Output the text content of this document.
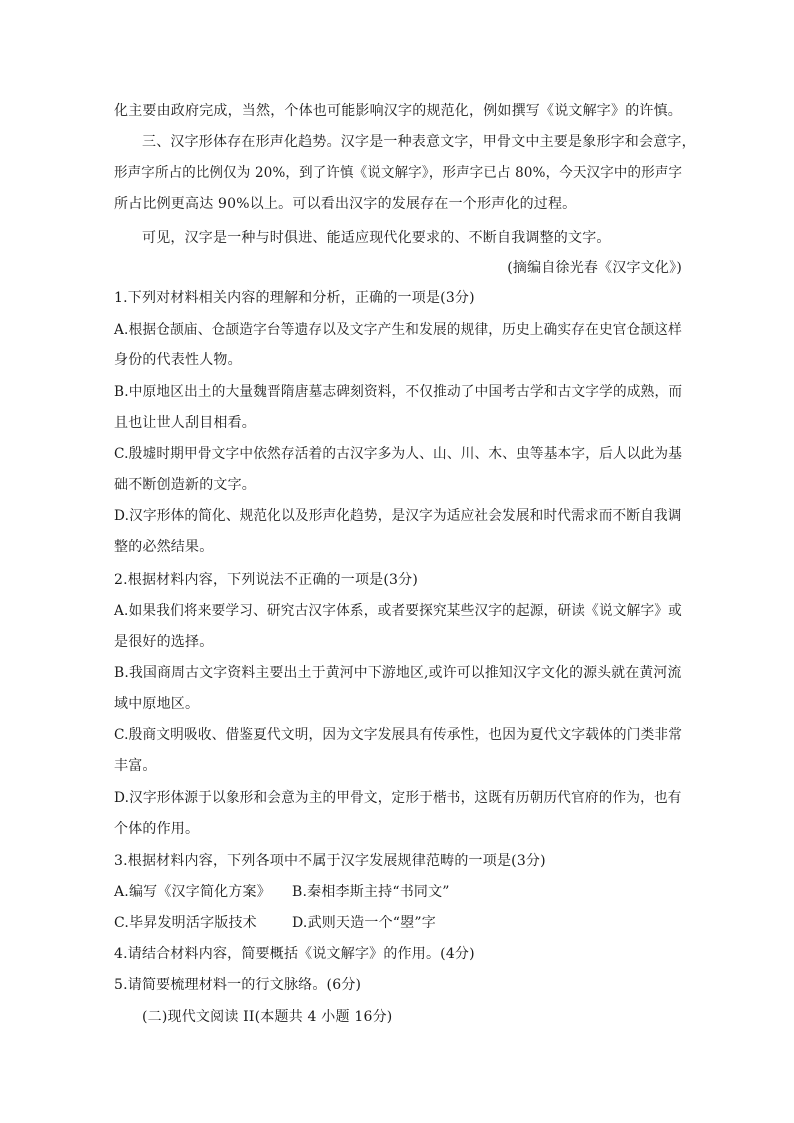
化主要由政府完成，当然，个体也可能影响汉字的规范化，例如撰写《说文解字》的许慎。
三、汉字形体存在形声化趋势。汉字是一种表意文字，甲骨文中主要是象形字和会意字，
形声字所占的比例仅为 20%，到了许慎《说文解字》，形声字已占 80%，今天汉字中的形声字
所占比例更高达 90%以上。可以看出汉字的发展存在一个形声化的过程。
可见，汉字是一种与时俱进、能适应现代化要求的、不断自我调整的文字。
(摘编自徐光春《汉字文化》)
1.下列对材料相关内容的理解和分析，正确的一项是(3分)
A.根据仓颉庙、仓颉造字台等遗存以及文字产生和发展的规律，历史上确实存在史官仓颉这样
身份的代表性人物。
B.中原地区出土的大量魏晋隋唐墓志碑刻资料，不仅推动了中国考古学和古文字学的成熟，而
且也让世人刮目相看。
C.殷墟时期甲骨文字中依然存活着的古汉字多为人、山、川、木、虫等基本字，后人以此为基
础不断创造新的文字。
D.汉字形体的简化、规范化以及形声化趋势，是汉字为适应社会发展和时代需求而不断自我调
整的必然结果。
2.根据材料内容，下列说法不正确的一项是(3分)
A.如果我们将来要学习、研究古汉字体系，或者要探究某些汉字的起源，研读《说文解字》或
是很好的选择。
B.我国商周古文字资料主要出土于黄河中下游地区,或许可以推知汉字文化的源头就在黄河流
域中原地区。
C.殷商文明吸收、借鉴夏代文明，因为文字发展具有传承性，也因为夏代文字载体的门类非常
丰富。
D.汉字形体源于以象形和会意为主的甲骨文，定形于楷书，这既有历朝历代官府的作为，也有
个体的作用。
3.根据材料内容，下列各项中不属于汉字发展规律范畴的一项是(3分)
A.编写《汉字简化方案》 B.秦相李斯主持“书同文”
C.毕昇发明活字版技术	D.武则天造一个“曌”字
4.请结合材料内容，简要概括《说文解字》的作用。(4分)
5.请简要梳理材料一的行文脉络。(6分)
(二)现代文阅读 II(本题共 4 小题 16分)
